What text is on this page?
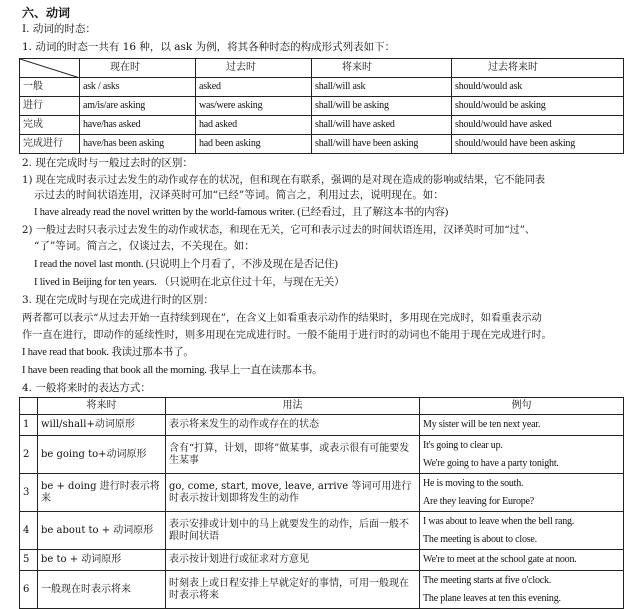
六、动词
I. 动词的时态：
1. 动词的时态一共有 16 种，以 ask 为例，将其各种时态的构成形式列表如下：
	现在时	过去时	将来时	过去将来时
一般	ask / asks	asked	shall/will ask	should/would ask
进行	am/is/are asking	was/were asking	shall/will be asking	should/would be asking
完成	have/has asked	had asked	shall/will have asked	should/would have asked
完成进行	have/has been asking	had been asking	shall/will have been asking	should/would have been asking
2. 现在完成时与一般过去时的区别：
1) 现在完成时表示过去发生的动作或存在的状况，但和现在有联系，强调的是对现在造成的影响或结果，它不能同表
示过去的时间状语连用，汉译英时可加“已经”等词。简言之，利用过去，说明现在。如：
I have already read the novel written by the world-famous writer. (已经看过，且了解这本书的内容)
2) 一般过去时只表示过去发生的动作或状态，和现在无关，它可和表示过去的时间状语连用，汉译英时可加“过”、
“了”等词。简言之，仅谈过去，不关现在。如：
I read the novel last month. (只说明上个月看了，不涉及现在是否记住)
I lived in Beijing for ten years. （只说明在北京住过十年，与现在无关）
3. 现在完成时与现在完成进行时的区别：
两者都可以表示“从过去开始一直持续到现在”，在含义上如看重表示动作的结果时，多用现在完成时，如看重表示动
作一直在进行，即动作的延续性时，则多用现在完成进行时。一般不能用于进行时的动词也不能用于现在完成进行时。
I have read that book. 我读过那本书了。
I have been reading that book all the morning. 我早上一直在读那本书。
4. 一般将来时的表达方式：
	将来时	用法	例句
1	will/shall+动词原形	表示将来发生的动作或存在的状态	My sister will be ten next year.

2	be going to+动词原形	含有“打算，计划，即将”做某事，或表示很有可能要发生某事	It's going to clear up.
We're going to have a party tonight.

3	be + doing 进行时表示将来	go, come, start, move, leave, arrive 等词可用进行时表示按计划即将发生的动作	He is moving to the south.
Are they leaving for Europe?

4	be about to + 动词原形	表示安排或计划中的马上就要发生的动作，后面一般不跟时间状语	I was about to leave when the bell rang.
The meeting is about to close.

5	be to + 动词原形	表示按计划进行或征求对方意见	We're to meet at the school gate at noon.

6	一般现在时表示将来	时刻表上或日程安排上早就定好的事情，可用一般现在时表示将来	The meeting starts at five o'clock.
The plane leaves at ten this evening.
